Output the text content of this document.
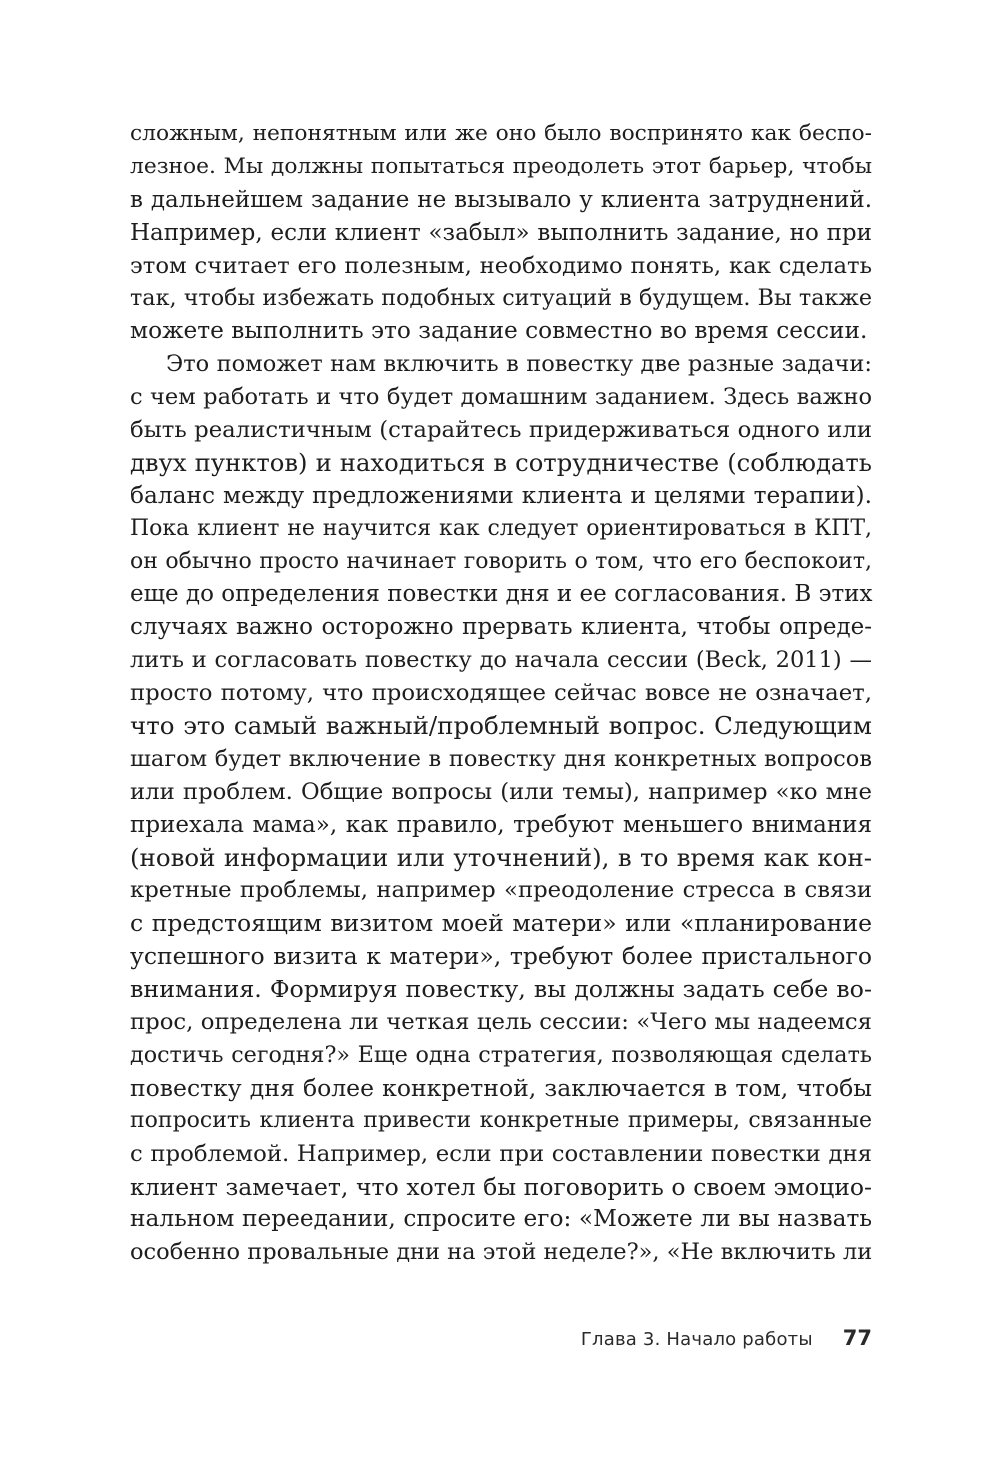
сложным, непонятным или же оно было воспринято как беспо-
лезное. Мы должны попытаться преодолеть этот барьер, чтобы
в дальнейшем задание не вызывало у клиента затруднений.
Например, если клиент «забыл» выполнить задание, но при
этом считает его полезным, необходимо понять, как сделать
так, чтобы избежать подобных ситуаций в будущем. Вы также
можете выполнить это задание совместно во время сессии.
Это поможет нам включить в повестку две разные задачи:
с чем работать и что будет домашним заданием. Здесь важно
быть реалистичным (старайтесь придерживаться одного или
двух пунктов) и находиться в сотрудничестве (соблюдать
баланс между предложениями клиента и целями терапии).
Пока клиент не научится как следует ориентироваться в КПТ,
он обычно просто начинает говорить о том, что его беспокоит,
еще до определения повестки дня и ее согласования. В этих
случаях важно осторожно прервать клиента, чтобы опреде-
лить и согласовать повестку до начала сессии (Beck, 2011) —
просто потому, что происходящее сейчас вовсе не означает,
что это самый важный/проблемный вопрос. Следующим
шагом будет включение в повестку дня конкретных вопросов
или проблем. Общие вопросы (или темы), например «ко мне
приехала мама», как правило, требуют меньшего внимания
(новой информации или уточнений), в то время как кон-
кретные проблемы, например «преодоление стресса в связи
с предстоящим визитом моей матери» или «планирование
успешного визита к матери», требуют более пристального
внимания. Формируя повестку, вы должны задать себе во-
прос, определена ли четкая цель сессии: «Чего мы надеемся
достичь сегодня?» Еще одна стратегия, позволяющая сделать
повестку дня более конкретной, заключается в том, чтобы
попросить клиента привести конкретные примеры, связанные
с проблемой. Например, если при составлении повестки дня
клиент замечает, что хотел бы поговорить о своем эмоцио-
нальном переедании, спросите его: «Можете ли вы назвать
особенно провальные дни на этой неделе?», «Не включить ли
Глава 3. Начало работы 77
